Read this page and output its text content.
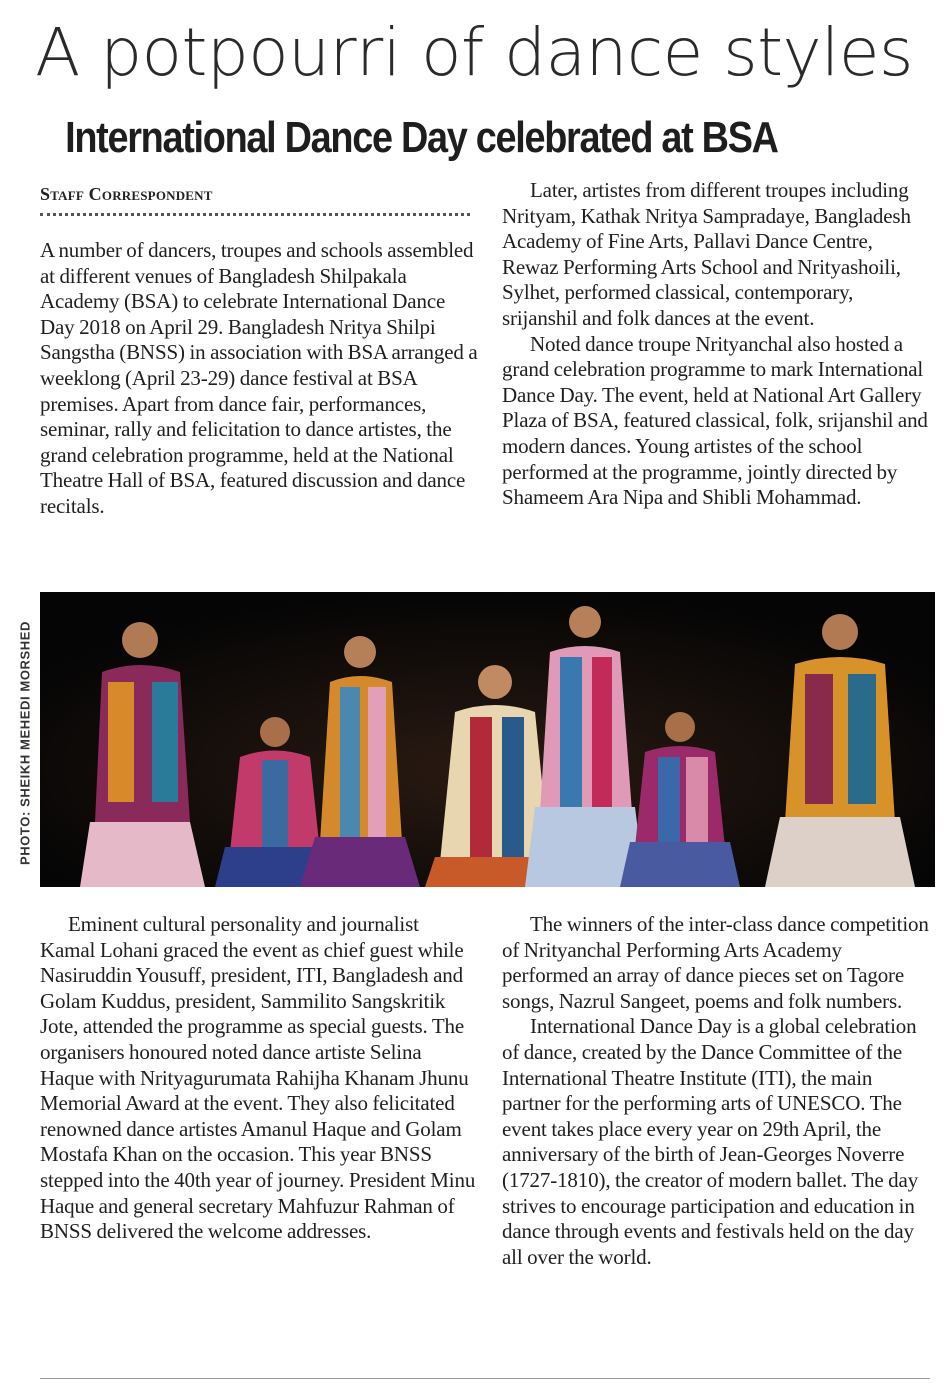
A potpourri of dance styles
International Dance Day celebrated at BSA
Staff Correspondent

A number of dancers, troupes and schools assembled at different venues of Bangladesh Shilpakala Academy (BSA) to celebrate International Dance Day 2018 on April 29. Bangladesh Nritya Shilpi Sangstha (BNSS) in association with BSA arranged a weeklong (April 23-29) dance festival at BSA premises. Apart from dance fair, performances, seminar, rally and felicitation to dance artistes, the grand celebration programme, held at the National Theatre Hall of BSA, featured discussion and dance recitals.

Later, artistes from different troupes including Nrityam, Kathak Nritya Sampradaye, Bangladesh Academy of Fine Arts, Pallavi Dance Centre, Rewaz Performing Arts School and Nrityashoili, Sylhet, performed classical, contemporary, srijanshil and folk dances at the event.

Noted dance troupe Nrityanchal also hosted a grand celebration programme to mark International Dance Day. The event, held at National Art Gallery Plaza of BSA, featured classical, folk, srijanshil and modern dances. Young artistes of the school performed at the programme, jointly directed by Shameem Ara Nipa and Shibli Mohammad.

PHOTO: SHEIKH MEHEDI MORSHED

Eminent cultural personality and journalist Kamal Lohani graced the event as chief guest while Nasiruddin Yousuff, president, ITI, Bangladesh and Golam Kuddus, president, Sammilito Sangskritik Jote, attended the programme as special guests. The organisers honoured noted dance artiste Selina Haque with Nrityagurumata Rahijha Khanam Jhunu Memorial Award at the event. They also felicitated renowned dance artistes Amanul Haque and Golam Mostafa Khan on the occasion. This year BNSS stepped into the 40th year of journey. President Minu Haque and general secretary Mahfuzur Rahman of BNSS delivered the welcome addresses.

The winners of the inter-class dance competition of Nrityanchal Performing Arts Academy performed an array of dance pieces set on Tagore songs, Nazrul Sangeet, poems and folk numbers.

International Dance Day is a global celebration of dance, created by the Dance Committee of the International Theatre Institute (ITI), the main partner for the performing arts of UNESCO. The event takes place every year on 29th April, the anniversary of the birth of Jean-Georges Noverre (1727-1810), the creator of modern ballet. The day strives to encourage participation and education in dance through events and festivals held on the day all over the world.
